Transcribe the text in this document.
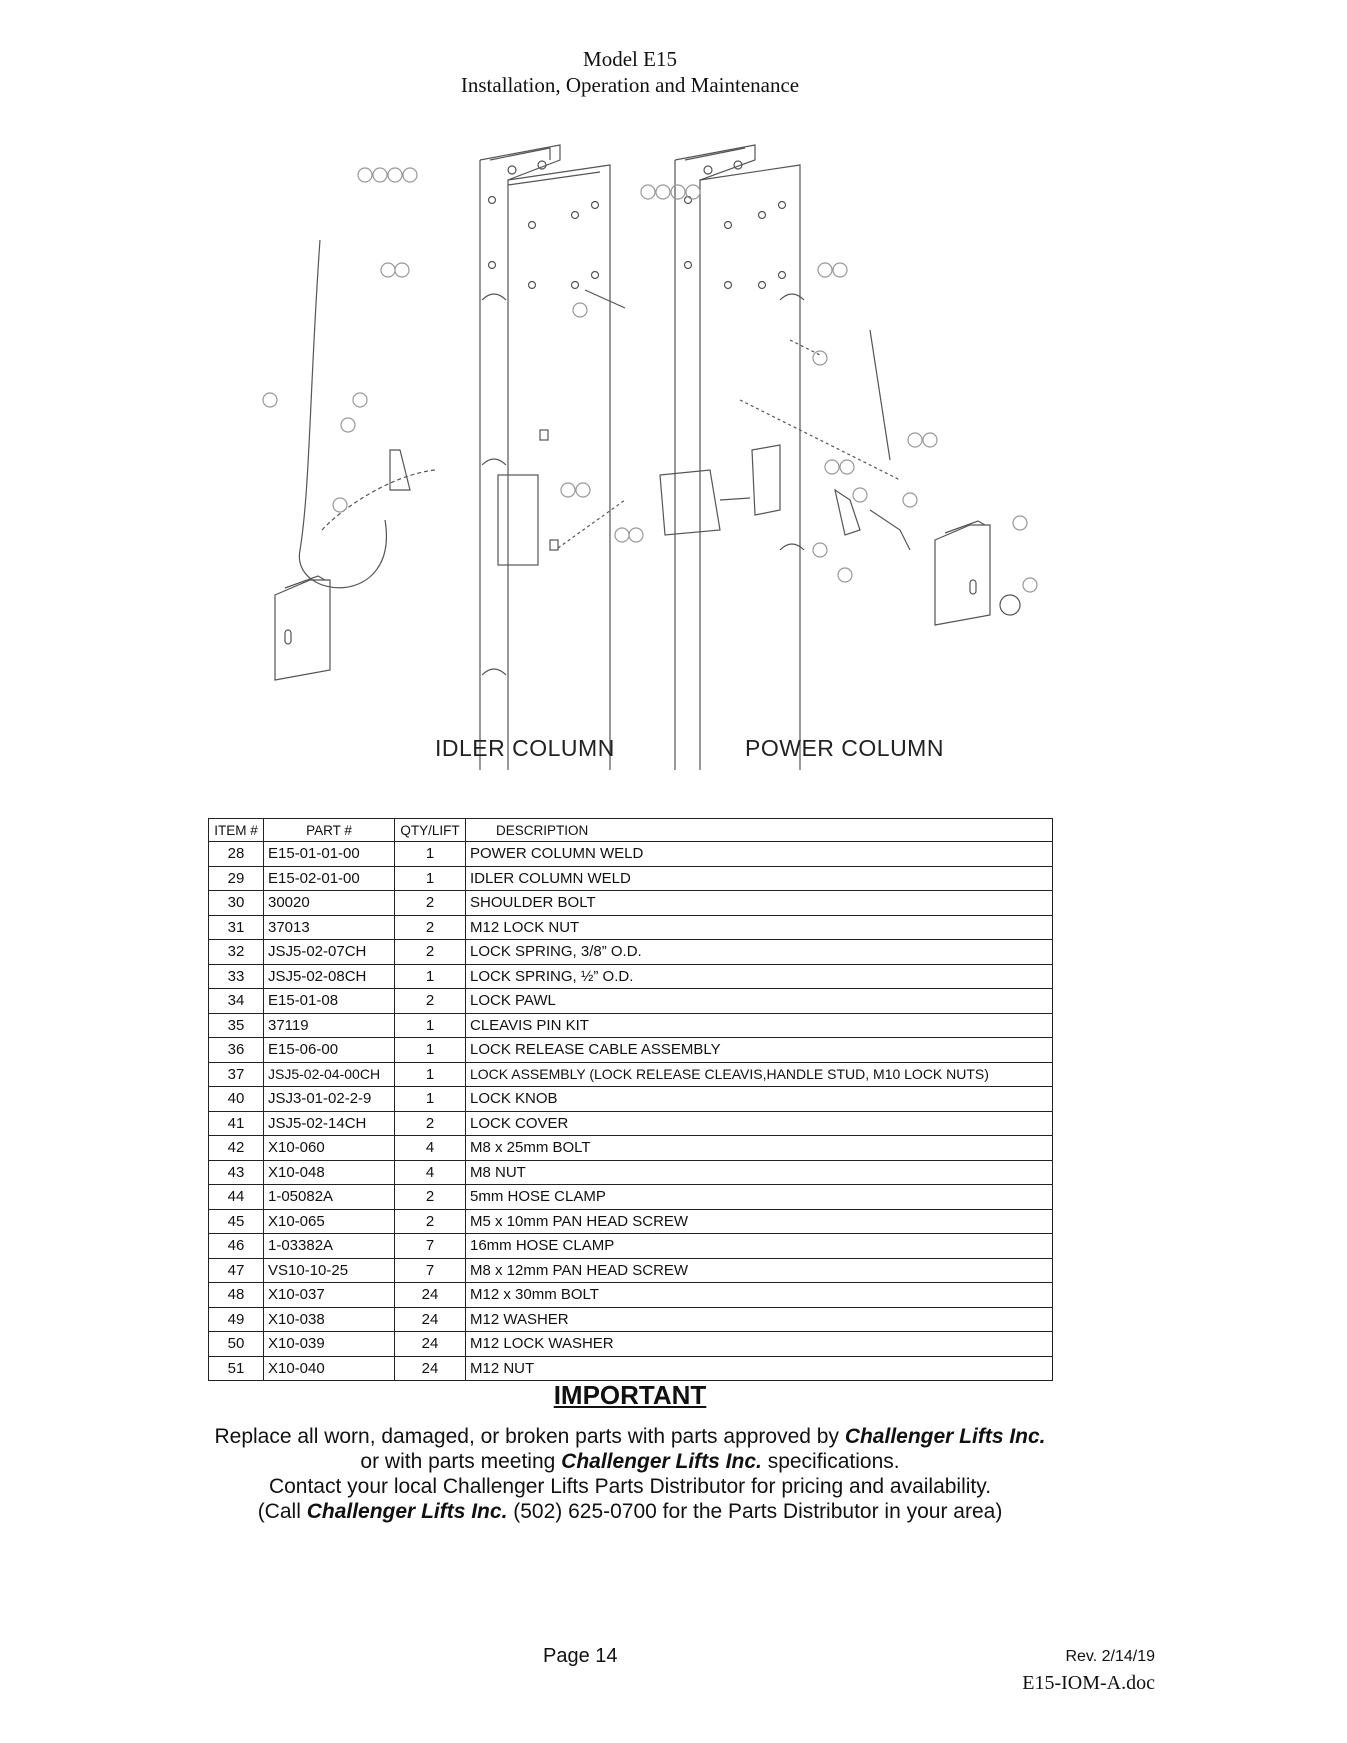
Model E15
Installation, Operation and Maintenance
IDLER COLUMN	POWER COLUMN
ITEM #	PART #	QTY/LIFT	DESCRIPTION
28	E15-01-01-00	1	POWER COLUMN WELD
29	E15-02-01-00	1	IDLER COLUMN WELD
30	30020	2	SHOULDER BOLT
31	37013	2	M12 LOCK NUT
32	JSJ5-02-07CH	2	LOCK SPRING, 3/8” O.D.
33	JSJ5-02-08CH	1	LOCK SPRING, ½” O.D.
34	E15-01-08	2	LOCK PAWL
35	37119	1	CLEAVIS PIN KIT
36	E15-06-00	1	LOCK RELEASE CABLE ASSEMBLY
37	JSJ5-02-04-00CH	1	LOCK ASSEMBLY (LOCK RELEASE CLEAVIS,HANDLE STUD, M10 LOCK NUTS)
40	JSJ3-01-02-2-9	1	LOCK KNOB
41	JSJ5-02-14CH	2	LOCK COVER
42	X10-060	4	M8 x 25mm BOLT
43	X10-048	4	M8 NUT
44	1-05082A	2	5mm HOSE CLAMP
45	X10-065	2	M5 x 10mm PAN HEAD SCREW
46	1-03382A	7	16mm HOSE CLAMP
47	VS10-10-25	7	M8 x 12mm PAN HEAD SCREW
48	X10-037	24	M12 x 30mm BOLT
49	X10-038	24	M12 WASHER
50	X10-039	24	M12 LOCK WASHER
51	X10-040	24	M12 NUT
IMPORTANT
Replace all worn, damaged, or broken parts with parts approved by Challenger Lifts Inc.
or with parts meeting Challenger Lifts Inc. specifications.
Contact your local Challenger Lifts Parts Distributor for pricing and availability.
(Call Challenger Lifts Inc. (502) 625-0700 for the Parts Distributor in your area)
Page 14	Rev. 2/14/19
E15-IOM-A.doc
